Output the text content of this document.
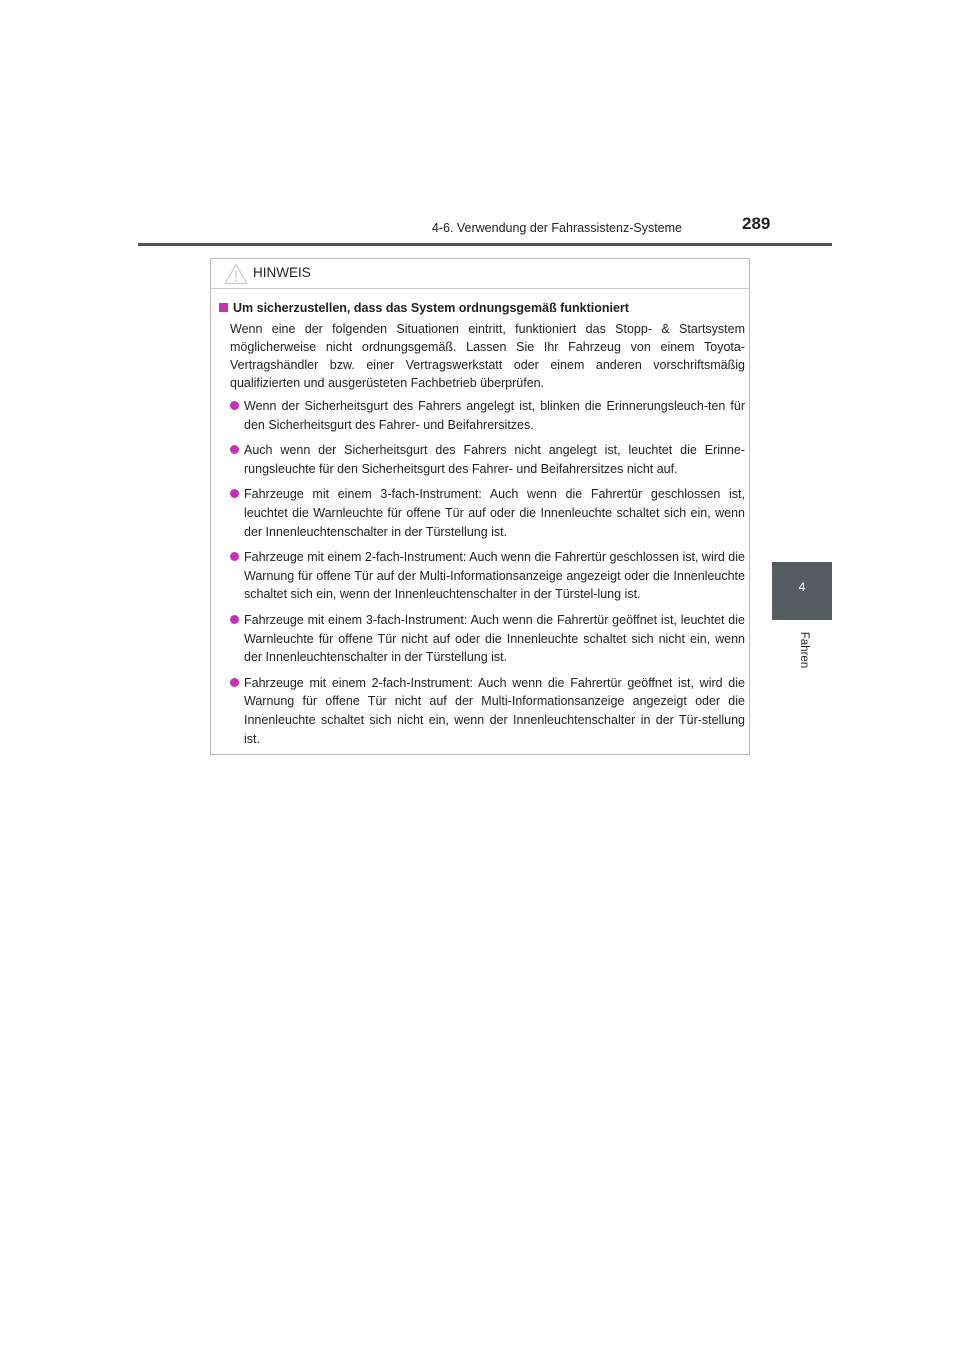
4-6. Verwendung der Fahrassistenz-Systeme	289
4
Fahren
HINWEIS

Um sicherzustellen, dass das System ordnungsgemäß funktioniert

Wenn eine der folgenden Situationen eintritt, funktioniert das Stopp- & Startsystem möglicherweise nicht ordnungsgemäß. Lassen Sie Ihr Fahrzeug von einem Toyota-Vertragshändler bzw. einer Vertragswerkstatt oder einem anderen vorschriftsmäßig qualifizierten und ausgerüsteten Fachbetrieb überprüfen.

Wenn der Sicherheitsgurt des Fahrers angelegt ist, blinken die Erinnerungsleuch-ten für den Sicherheitsgurt des Fahrer- und Beifahrersitzes.
Auch wenn der Sicherheitsgurt des Fahrers nicht angelegt ist, leuchtet die Erinne-rungsleuchte für den Sicherheitsgurt des Fahrer- und Beifahrersitzes nicht auf.
Fahrzeuge mit einem 3-fach-Instrument: Auch wenn die Fahrertür geschlossen ist, leuchtet die Warnleuchte für offene Tür auf oder die Innenleuchte schaltet sich ein, wenn der Innenleuchtenschalter in der Türstellung ist.
Fahrzeuge mit einem 2-fach-Instrument: Auch wenn die Fahrertür geschlossen ist, wird die Warnung für offene Tür auf der Multi-Informationsanzeige angezeigt oder die Innenleuchte schaltet sich ein, wenn der Innenleuchtenschalter in der Türstel-lung ist.
Fahrzeuge mit einem 3-fach-Instrument: Auch wenn die Fahrertür geöffnet ist, leuchtet die Warnleuchte für offene Tür nicht auf oder die Innenleuchte schaltet sich nicht ein, wenn der Innenleuchtenschalter in der Türstellung ist.
Fahrzeuge mit einem 2-fach-Instrument: Auch wenn die Fahrertür geöffnet ist, wird die Warnung für offene Tür nicht auf der Multi-Informationsanzeige angezeigt oder die Innenleuchte schaltet sich nicht ein, wenn der Innenleuchtenschalter in der Tür-stellung ist.
